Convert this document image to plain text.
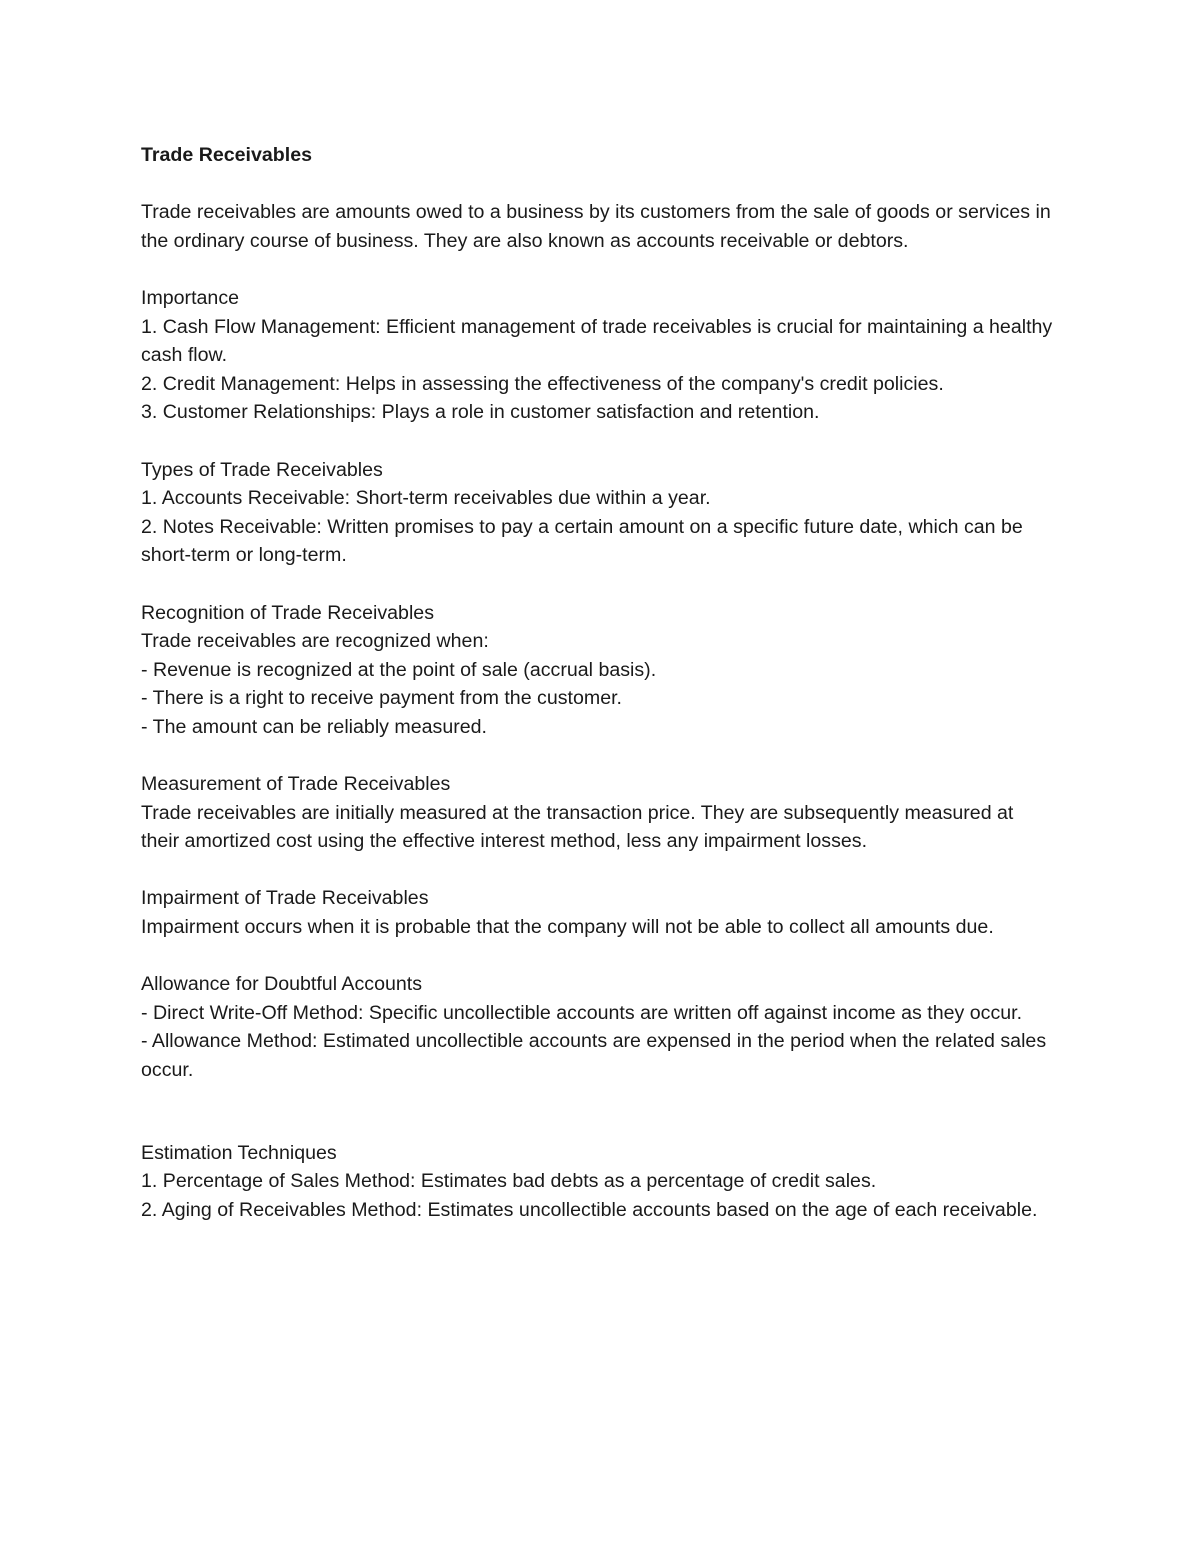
Trade Receivables

Trade receivables are amounts owed to a business by its customers from the sale of goods or services in the ordinary course of business. They are also known as accounts receivable or debtors.

Importance

1. Cash Flow Management: Efficient management of trade receivables is crucial for maintaining a healthy cash flow.

2. Credit Management: Helps in assessing the effectiveness of the company's credit policies.

3. Customer Relationships: Plays a role in customer satisfaction and retention.

Types of Trade Receivables

1. Accounts Receivable: Short-term receivables due within a year.

2. Notes Receivable: Written promises to pay a certain amount on a specific future date, which can be short-term or long-term.

Recognition of Trade Receivables

Trade receivables are recognized when:

- Revenue is recognized at the point of sale (accrual basis).

- There is a right to receive payment from the customer.

- The amount can be reliably measured.

Measurement of Trade Receivables

Trade receivables are initially measured at the transaction price. They are subsequently measured at their amortized cost using the effective interest method, less any impairment losses.

Impairment of Trade Receivables

Impairment occurs when it is probable that the company will not be able to collect all amounts due.

Allowance for Doubtful Accounts

- Direct Write-Off Method: Specific uncollectible accounts are written off against income as they occur.

- Allowance Method: Estimated uncollectible accounts are expensed in the period when the related sales occur.

Estimation Techniques

1. Percentage of Sales Method: Estimates bad debts as a percentage of credit sales.

2. Aging of Receivables Method: Estimates uncollectible accounts based on the age of each receivable.
